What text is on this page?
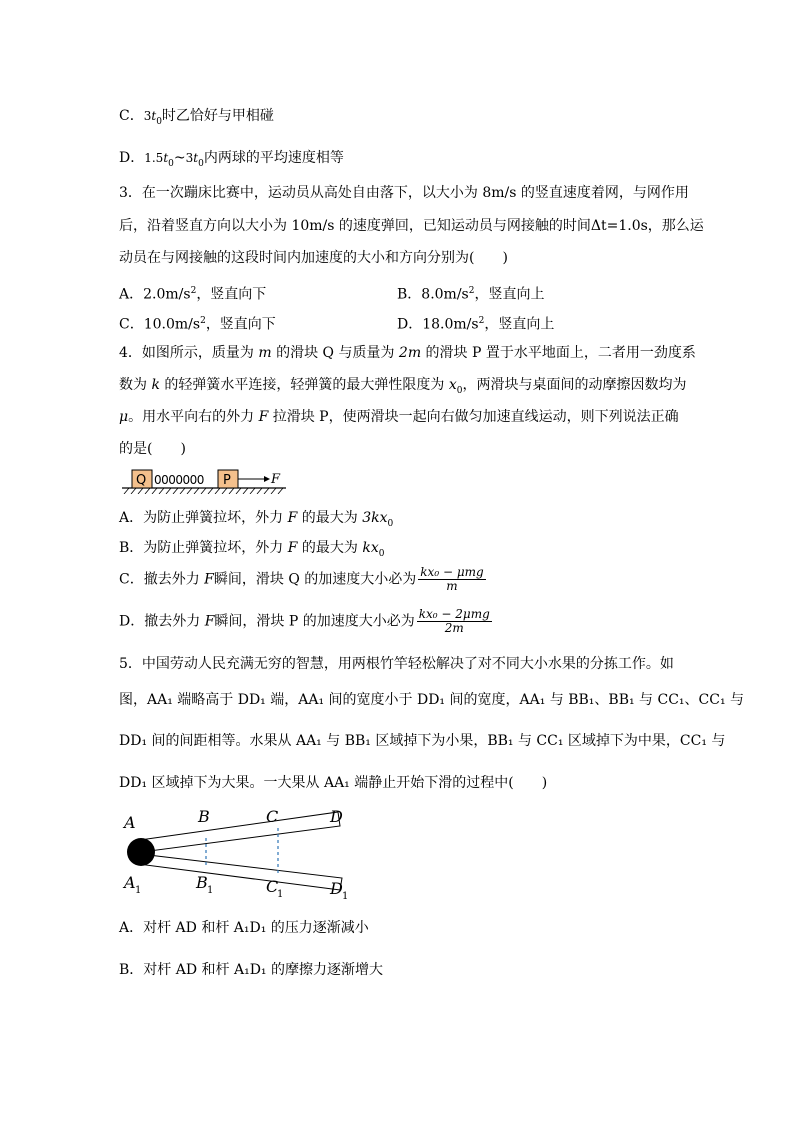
C．$3t_0$时乙恰好与甲相碰
D．$1.5t_0\sim 3t_0$内两球的平均速度相等
3．在一次蹦床比赛中，运动员从高处自由落下，以大小为 8m/s 的竖直速度着网，与网作用
后，沿着竖直方向以大小为 10m/s 的速度弹回，已知运动员与网接触的时间Δt=1.0s，那么运
动员在与网接触的这段时间内加速度的大小和方向分别为(　　)
A．$2.0m/s^2$，竖直向下	B．$8.0m/s^2$，竖直向上
C．$10.0m/s^2$，竖直向下	D．$18.0m/s^2$，竖直向上
4．如图所示，质量为 m 的滑块 Q 与质量为 2m 的滑块 P 置于水平地面上，二者用一劲度系
数为 k 的轻弹簧水平连接，轻弹簧的最大弹性限度为 $x_0$，两滑块与桌面间的动摩擦因数均为
μ。用水平向右的外力 F 拉滑块 P，使两滑块一起向右做匀加速直线运动，则下列说法正确
的是(　　)
Q 0000000 P	F
A．为防止弹簧拉坏，外力 F 的最大为 $3kx_0$
B．为防止弹簧拉坏，外力 F 的最大为 $kx_0$
C．撤去外力 F瞬间，滑块 Q 的加速度大小必为 $\frac{\text{kx₀ − μmg}}{m}$
D．撤去外力 F瞬间，滑块 P 的加速度大小必为 $\frac{\text{kx₀ − 2μmg}}{2m}$
5．中国劳动人民充满无穷的智慧，用两根竹竿轻松解决了对不同大小水果的分拣工作。如
图，AA₁ 端略高于 DD₁ 端，AA₁ 间的宽度小于 DD₁ 间的宽度，AA₁ 与 BB₁、BB₁ 与 CC₁、CC₁ 与
DD₁ 间的间距相等。水果从 AA₁ 与 BB₁ 区域掉下为小果，BB₁ 与 CC₁ 区域掉下为中果，CC₁ 与
DD₁ 区域掉下为大果。一大果从 AA₁ 端静止开始下滑的过程中(　　)
A	B	C	D
A 1	B 1	C
1	D 1
A．对杆 AD 和杆 A₁D₁ 的压力逐渐减小
B．对杆 AD 和杆 A₁D₁ 的摩擦力逐渐增大
